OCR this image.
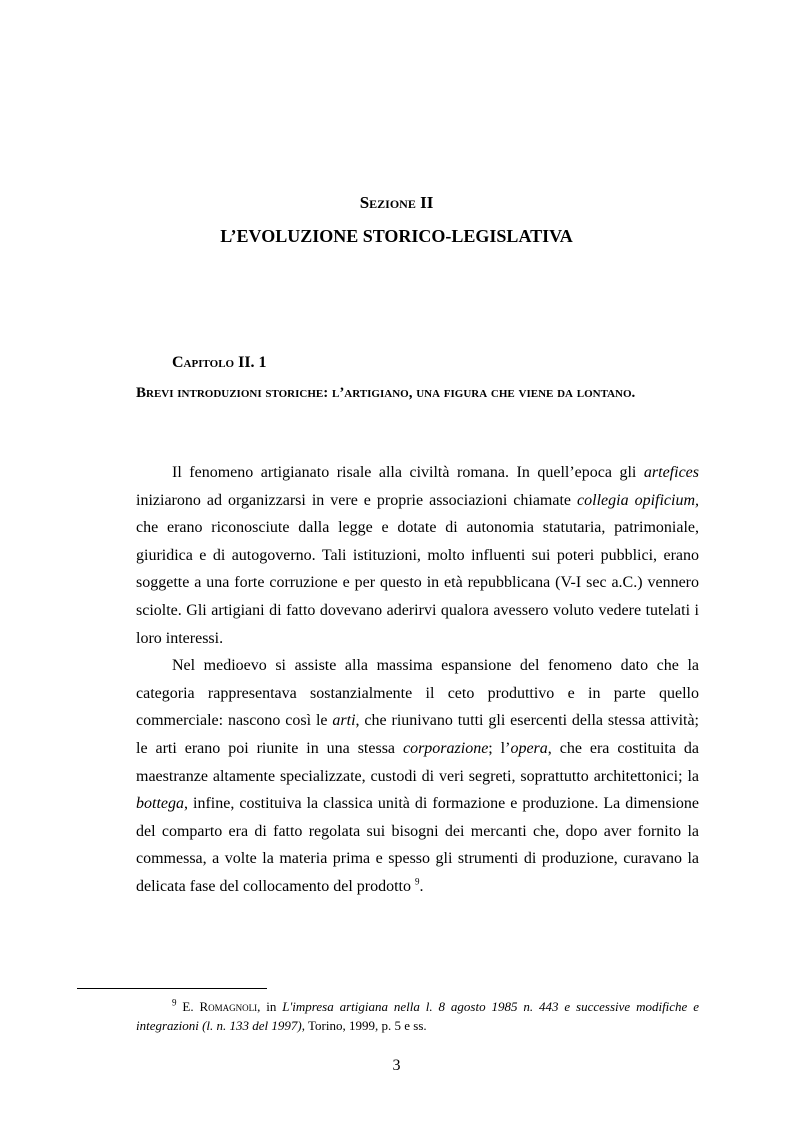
Sezione II
L’EVOLUZIONE STORICO-LEGISLATIVA
Capitolo II. 1
Brevi introduzioni storiche: l’artigiano, una figura che viene da lontano.

Il fenomeno artigianato risale alla civiltà romana. In quell’epoca gli artefices iniziarono ad organizzarsi in vere e proprie associazioni chiamate collegia opificium, che erano riconosciute dalla legge e dotate di autonomia statutaria, patrimoniale, giuridica e di autogoverno. Tali istituzioni, molto influenti sui poteri pubblici, erano soggette a una forte corruzione e per questo in età repubblicana (V-I sec a.C.) vennero sciolte. Gli artigiani di fatto dovevano aderirvi qualora avessero voluto vedere tutelati i loro interessi.

Nel medioevo si assiste alla massima espansione del fenomeno dato che la categoria rappresentava sostanzialmente il ceto produttivo e in parte quello commerciale: nascono così le arti, che riunivano tutti gli esercenti della stessa attività; le arti erano poi riunite in una stessa corporazione; l’opera, che era costituita da maestranze altamente specializzate, custodi di veri segreti, soprattutto architettonici; la bottega, infine, costituiva la classica unità di formazione e produzione. La dimensione del comparto era di fatto regolata sui bisogni dei mercanti che, dopo aver fornito la commessa, a volte la materia prima e spesso gli strumenti di produzione, curavano la delicata fase del collocamento del prodotto $^9$.

$^9$ E. Romagnoli, in L'impresa artigiana nella l. 8 agosto 1985 n. 443 e successive modifiche e integrazioni (l. n. 133 del 1997), Torino, 1999, p. 5 e ss.
3
